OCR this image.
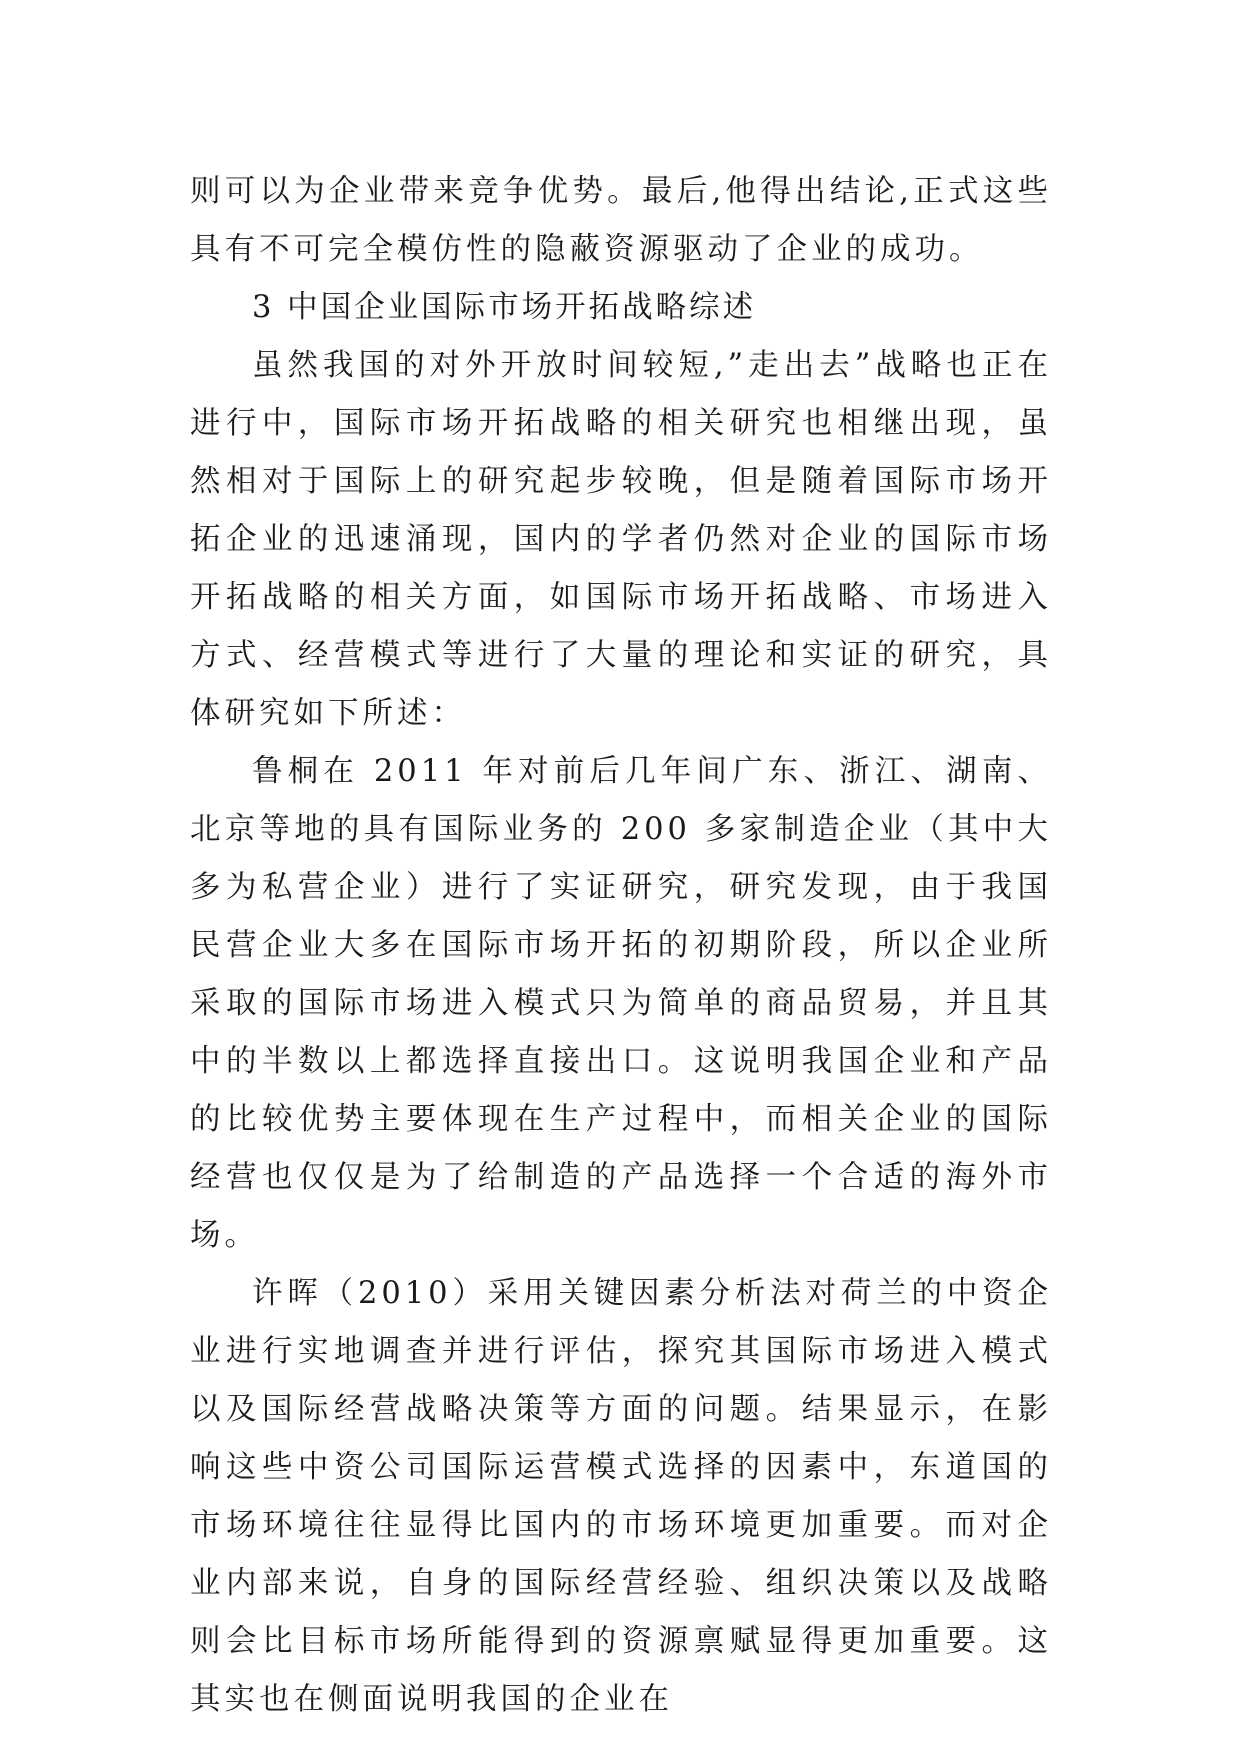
则可以为企业带来竞争优势。最后,他得出结论,正式这些具有不可完全模仿性的隐蔽资源驱动了企业的成功。

3 中国企业国际市场开拓战略综述

虽然我国的对外开放时间较短,”走出去”战略也正在进行中，国际市场开拓战略的相关研究也相继出现，虽然相对于国际上的研究起步较晚，但是随着国际市场开拓企业的迅速涌现，国内的学者仍然对企业的国际市场开拓战略的相关方面，如国际市场开拓战略、市场进入方式、经营模式等进行了大量的理论和实证的研究，具体研究如下所述：

鲁桐在 2011 年对前后几年间广东、浙江、湖南、北京等地的具有国际业务的 200 多家制造企业（其中大多为私营企业）进行了实证研究，研究发现，由于我国民营企业大多在国际市场开拓的初期阶段，所以企业所采取的国际市场进入模式只为简单的商品贸易，并且其中的半数以上都选择直接出口。这说明我国企业和产品的比较优势主要体现在生产过程中，而相关企业的国际经营也仅仅是为了给制造的产品选择一个合适的海外市场。

许晖（2010）采用关键因素分析法对荷兰的中资企业进行实地调查并进行评估，探究其国际市场进入模式以及国际经营战略决策等方面的问题。结果显示，在影响这些中资公司国际运营模式选择的因素中，东道国的市场环境往往显得比国内的市场环境更加重要。而对企业内部来说，自身的国际经营经验、组织决策以及战略则会比目标市场所能得到的资源禀赋显得更加重要。这其实也在侧面说明我国的企业在
